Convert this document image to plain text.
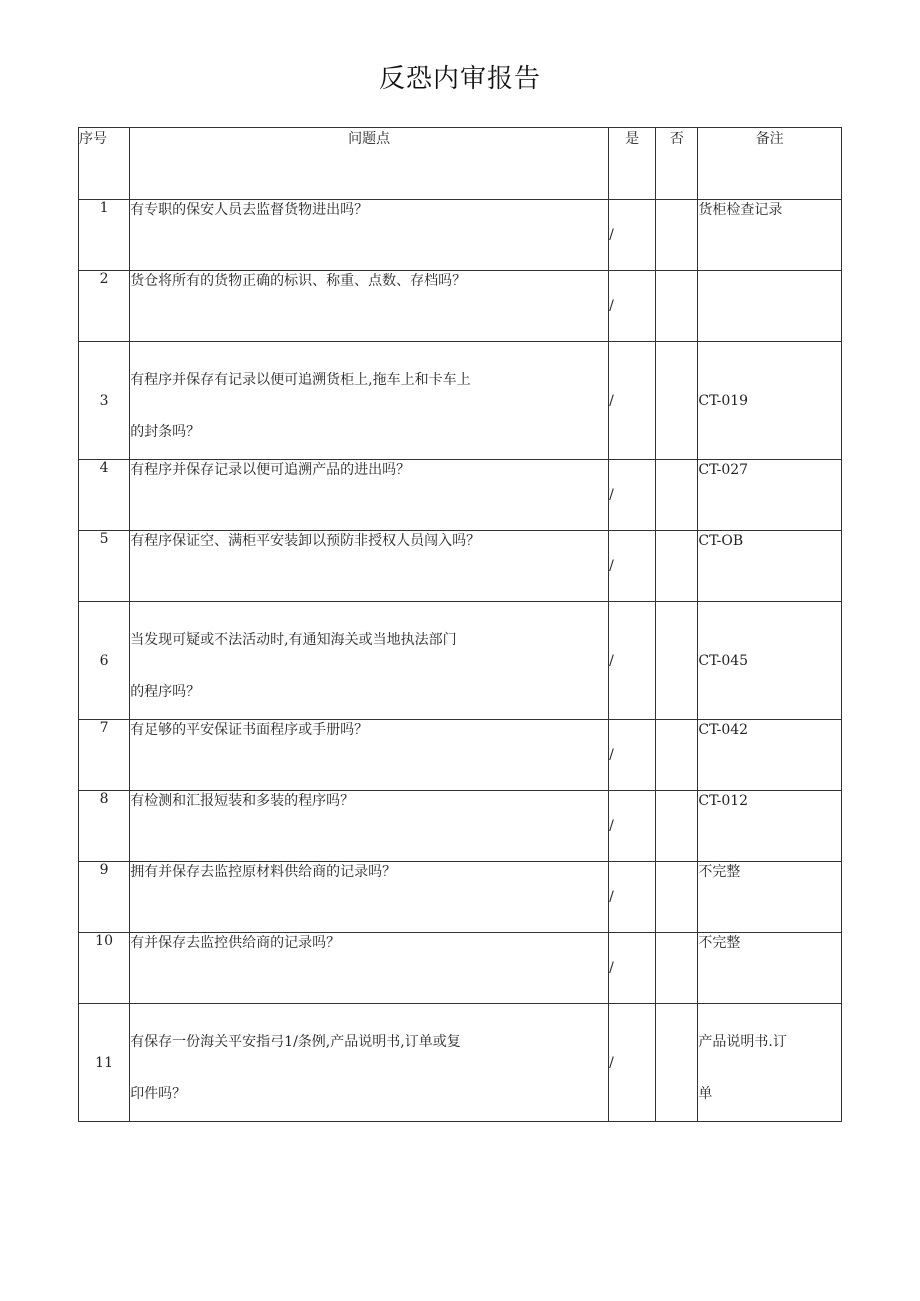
反恐内审报告
序号	问题点	是	否	备注
1	有专职的保安人员去监督货物进出吗？	/		货柜检查记录
2	货仓将所有的货物正确的标识、称重、点数、存档吗？	/		
3	有程序并保存有记录以便可追溯货柜上,拖车上和卡车上
的封条吗？	/		CT-019
4	有程序并保存记录以便可追溯产品的进出吗？	/		CT-027
5	有程序保证空、满柜平安装卸以预防非授权人员闯入吗？	/		CT-OB
6	当发现可疑或不法活动时,有通知海关或当地执法部门
的程序吗？	/		CT-045
7	有足够的平安保证书面程序或手册吗？	/		CT-042
8	有检测和汇报短装和多装的程序吗？	/		CT-012
9	拥有并保存去监控原材料供给商的记录吗？	/		不完整
10	有并保存去监控供给商的记录吗？	/		不完整
11	有保存一份海关平安指弓1/条例,产品说明书,订单或复
印件吗？	/		产品说明书.订
单
